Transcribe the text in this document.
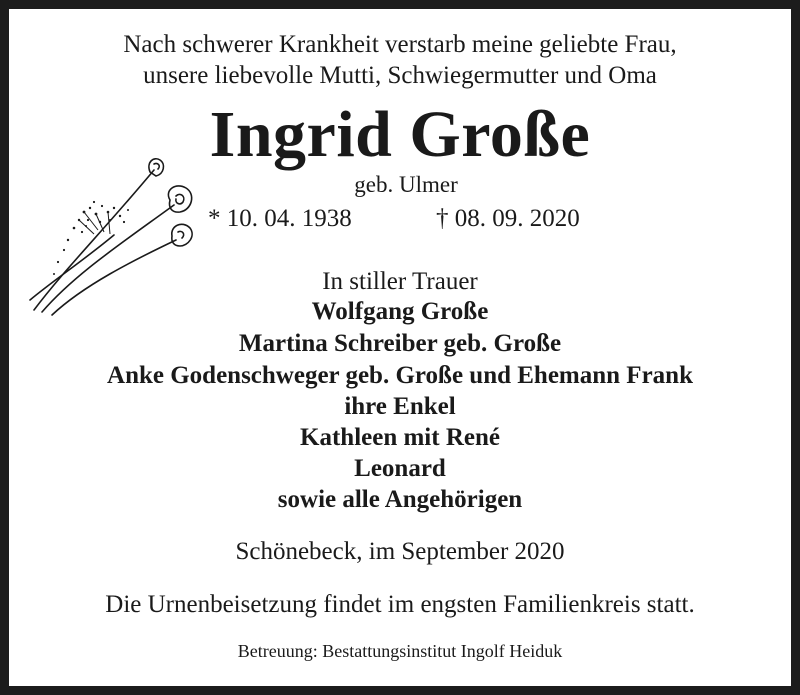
Nach schwerer Krankheit verstarb meine geliebte Frau,
unsere liebevolle Mutti, Schwiegermutter und Oma
Ingrid Große
geb. Ulmer
* 10. 04. 1938	† 08. 09. 2020
In stiller Trauer
Wolfgang Große
Martina Schreiber geb. Große
Anke Godenschweger geb. Große und Ehemann Frank
ihre Enkel
Kathleen mit René
Leonard
sowie alle Angehörigen
Schönebeck, im September 2020
Die Urnenbeisetzung findet im engsten Familienkreis statt.
Betreuung: Bestattungsinstitut Ingolf Heiduk
